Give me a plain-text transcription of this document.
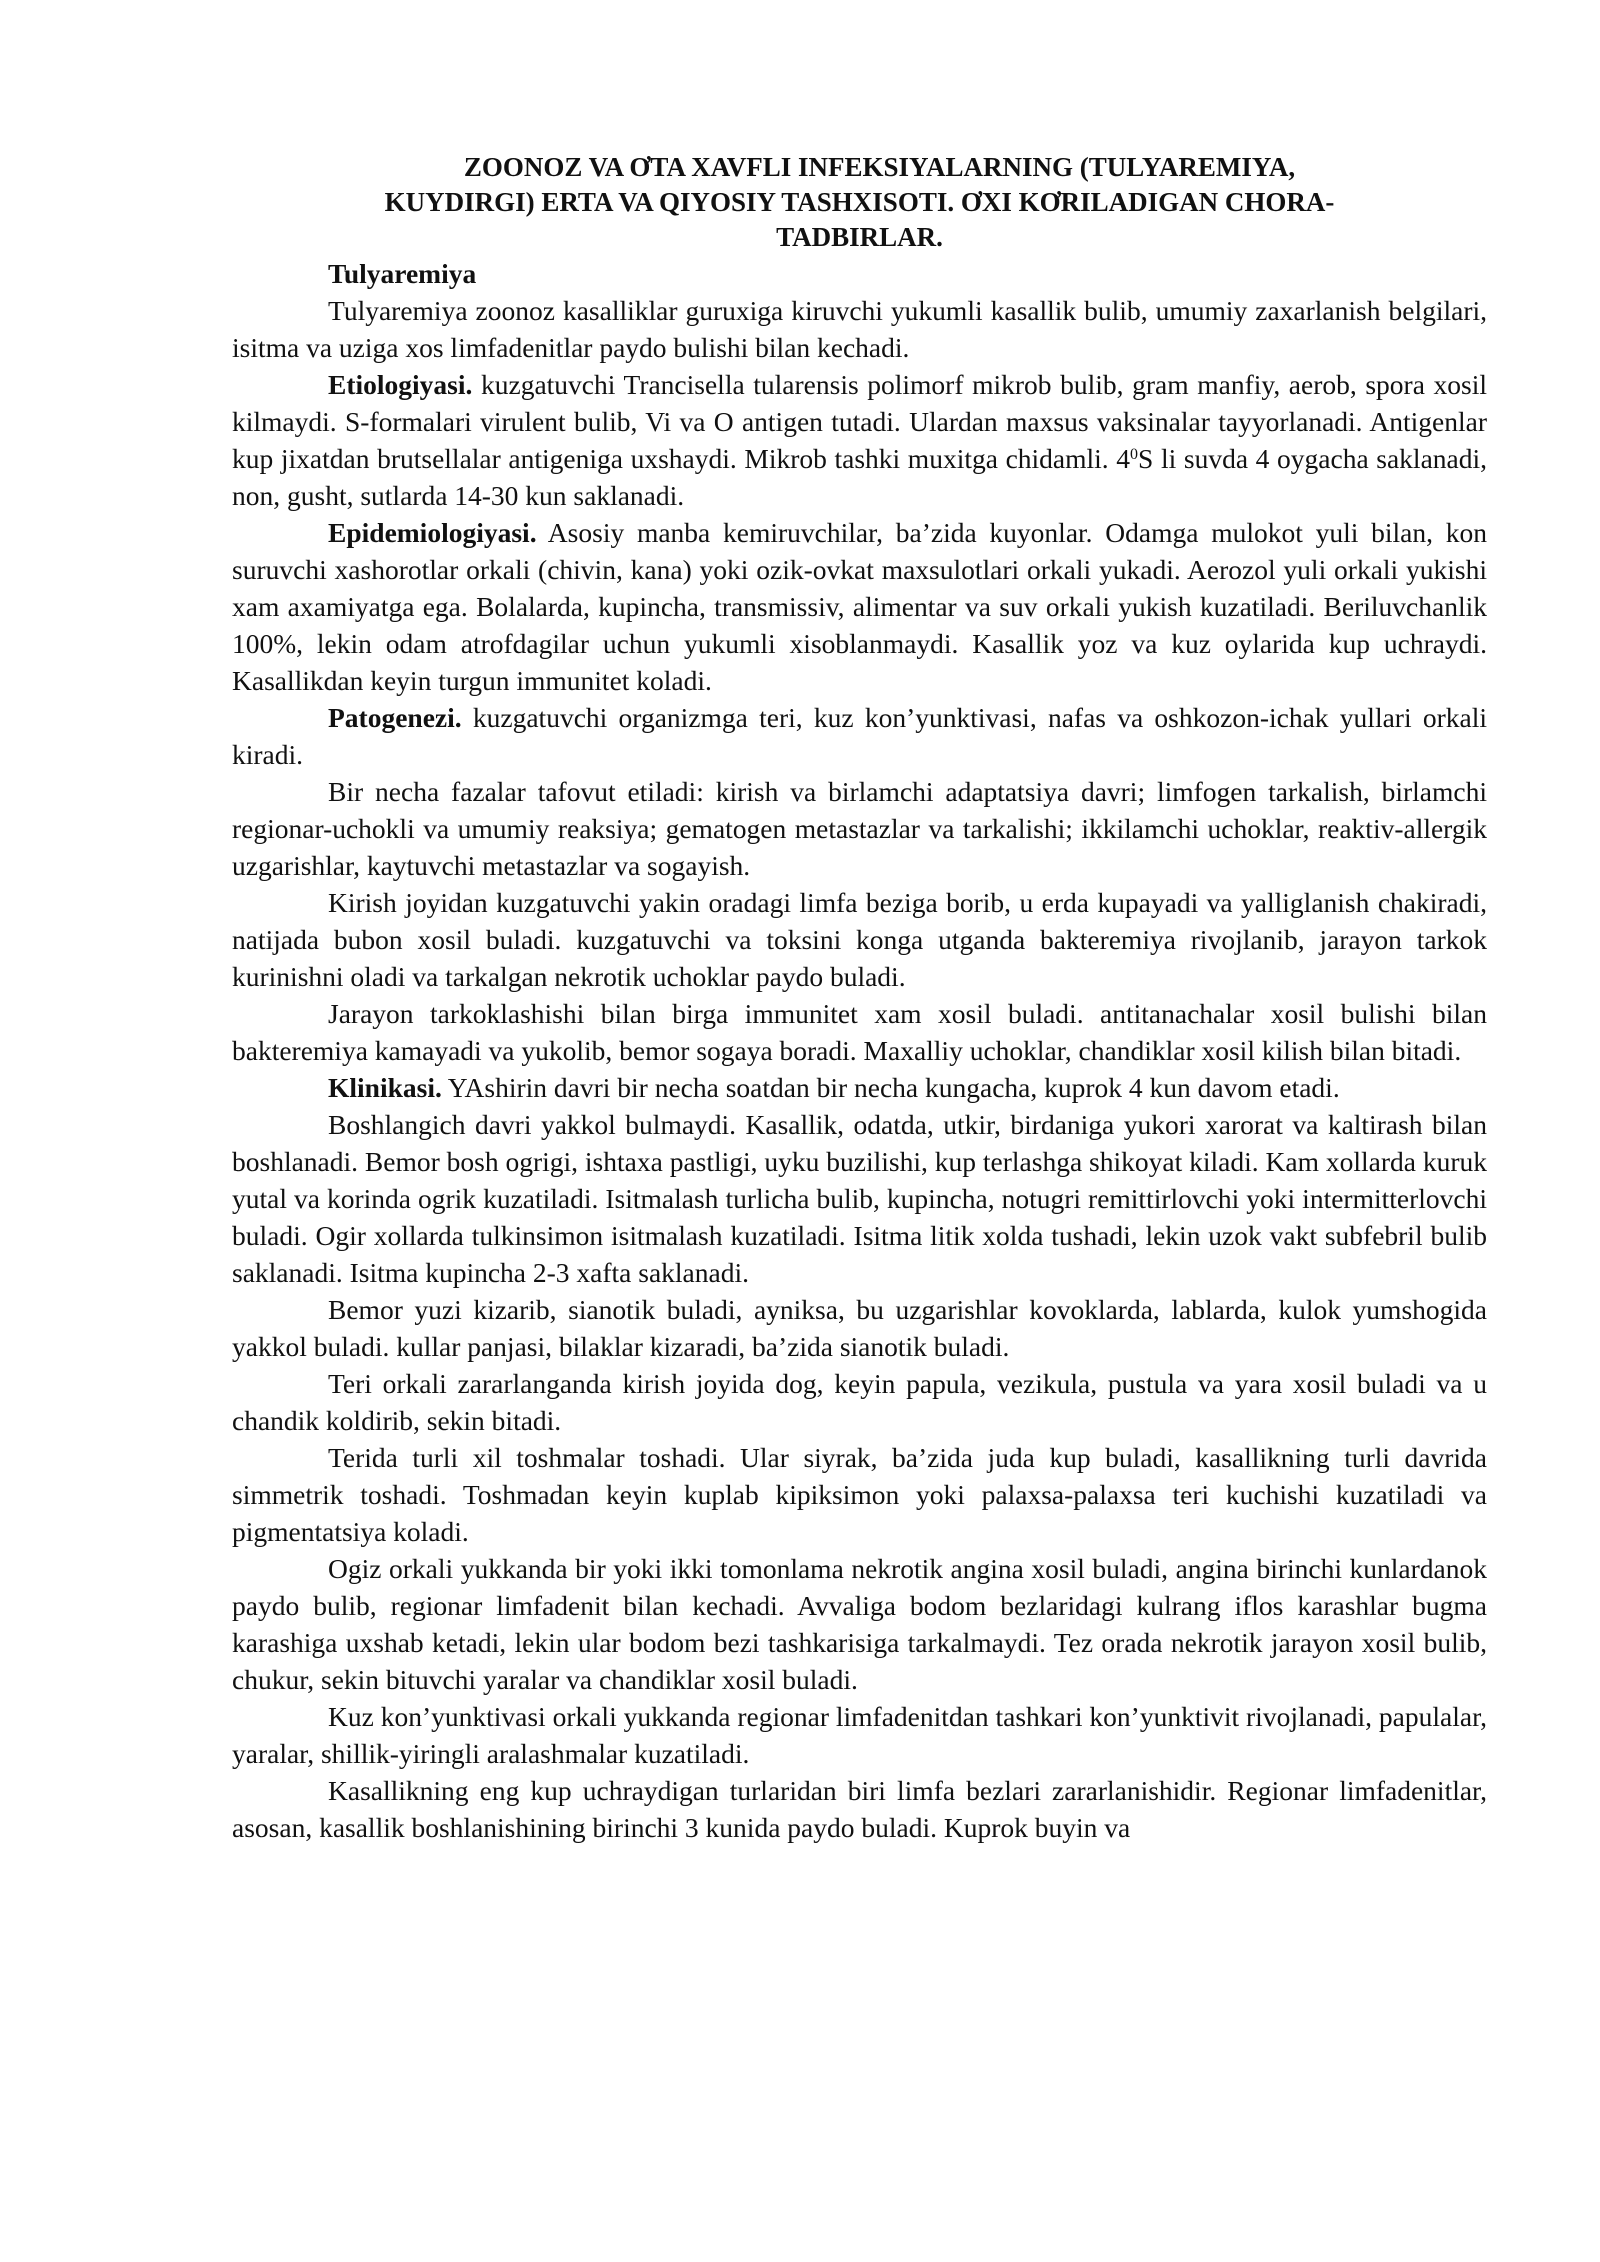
ZOONOZ VA ƠTA XAVFLI INFEKSIYALARNING (TULYAREMIYA,
KUYDIRGI) ERTA VA QIYOSIY TASHXISOTI. ƠXI KƠRILADIGAN CHORA-
TADBIRLAR.
Tulyaremiya

Tulyaremiya zoonoz kasalliklar guruxiga kiruvchi yukumli kasallik bulib, umumiy zaxarlanish belgilari, isitma va uziga xos limfadenitlar paydo bulishi bilan kechadi.

Etiologiyasi. kuzgatuvchi Trancisella tularensis polimorf mikrob bulib, gram manfiy, aerob, spora xosil kilmaydi. S-formalari virulent bulib, Vi va O antigen tutadi. Ulardan maxsus vaksinalar tayyorlanadi. Antigenlar kup jixatdan brutsellalar antigeniga uxshaydi. Mikrob tashki muxitga chidamli. $4^0S$ li suvda 4 oygacha saklanadi, non, gusht, sutlarda 14-30 kun saklanadi.

Epidemiologiyasi. Asosiy manba kemiruvchilar, ba’zida kuyonlar. Odamga mulokot yuli bilan, kon suruvchi xashorotlar orkali (chivin, kana) yoki ozik-ovkat maxsulotlari orkali yukadi. Aerozol yuli orkali yukishi xam axamiyatga ega. Bolalarda, kupincha, transmissiv, alimentar va suv orkali yukish kuzatiladi. Beriluvchanlik 100%, lekin odam atrofdagilar uchun yukumli xisoblanmaydi. Kasallik yoz va kuz oylarida kup uchraydi. Kasallikdan keyin turgun immunitet koladi.

Patogenezi. kuzgatuvchi organizmga teri, kuz kon’yunktivasi, nafas va oshkozon-ichak yullari orkali kiradi.

Bir necha fazalar tafovut etiladi: kirish va birlamchi adaptatsiya davri; limfogen tarkalish, birlamchi regionar-uchokli va umumiy reaksiya; gematogen metastazlar va tarkalishi; ikkilamchi uchoklar, reaktiv-allergik uzgarishlar, kaytuvchi metastazlar va sogayish.

Kirish joyidan kuzgatuvchi yakin oradagi limfa beziga borib, u erda kupayadi va yalliglanish chakiradi, natijada bubon xosil buladi. kuzgatuvchi va toksini konga utganda bakteremiya rivojlanib, jarayon tarkok kurinishni oladi va tarkalgan nekrotik uchoklar paydo buladi.

Jarayon tarkoklashishi bilan birga immunitet xam xosil buladi. antitanachalar xosil bulishi bilan bakteremiya kamayadi va yukolib, bemor sogaya boradi. Maxalliy uchoklar, chandiklar xosil kilish bilan bitadi.

Klinikasi. YAshirin davri bir necha soatdan bir necha kungacha, kuprok 4 kun davom etadi.

Boshlangich davri yakkol bulmaydi. Kasallik, odatda, utkir, birdaniga yukori xarorat va kaltirash bilan boshlanadi. Bemor bosh ogrigi, ishtaxa pastligi, uyku buzilishi, kup terlashga shikoyat kiladi. Kam xollarda kuruk yutal va korinda ogrik kuzatiladi. Isitmalash turlicha bulib, kupincha, notugri remittirlovchi yoki intermitterlovchi buladi. Ogir xollarda tulkinsimon isitmalash kuzatiladi. Isitma litik xolda tushadi, lekin uzok vakt subfebril bulib saklanadi. Isitma kupincha 2-3 xafta saklanadi.

Bemor yuzi kizarib, sianotik buladi, ayniksa, bu uzgarishlar kovoklarda, lablarda, kulok yumshogida yakkol buladi. kullar panjasi, bilaklar kizaradi, ba’zida sianotik buladi.

Teri orkali zararlanganda kirish joyida dog, keyin papula, vezikula, pustula va yara xosil buladi va u chandik koldirib, sekin bitadi.

Terida turli xil toshmalar toshadi. Ular siyrak, ba’zida juda kup buladi, kasallikning turli davrida simmetrik toshadi. Toshmadan keyin kuplab kipiksimon yoki palaxsa-palaxsa teri kuchishi kuzatiladi va pigmentatsiya koladi.

Ogiz orkali yukkanda bir yoki ikki tomonlama nekrotik angina xosil buladi, angina birinchi kunlardanok paydo bulib, regionar limfadenit bilan kechadi. Avvaliga bodom bezlaridagi kulrang iflos karashlar bugma karashiga uxshab ketadi, lekin ular bodom bezi tashkarisiga tarkalmaydi. Tez orada nekrotik jarayon xosil bulib, chukur, sekin bituvchi yaralar va chandiklar xosil buladi.

Kuz kon’yunktivasi orkali yukkanda regionar limfadenitdan tashkari kon’yunktivit rivojlanadi, papulalar, yaralar, shillik-yiringli aralashmalar kuzatiladi.

Kasallikning eng kup uchraydigan turlaridan biri limfa bezlari zararlanishidir. Regionar limfadenitlar, asosan, kasallik boshlanishining birinchi 3 kunida paydo buladi. Kuprok buyin va
